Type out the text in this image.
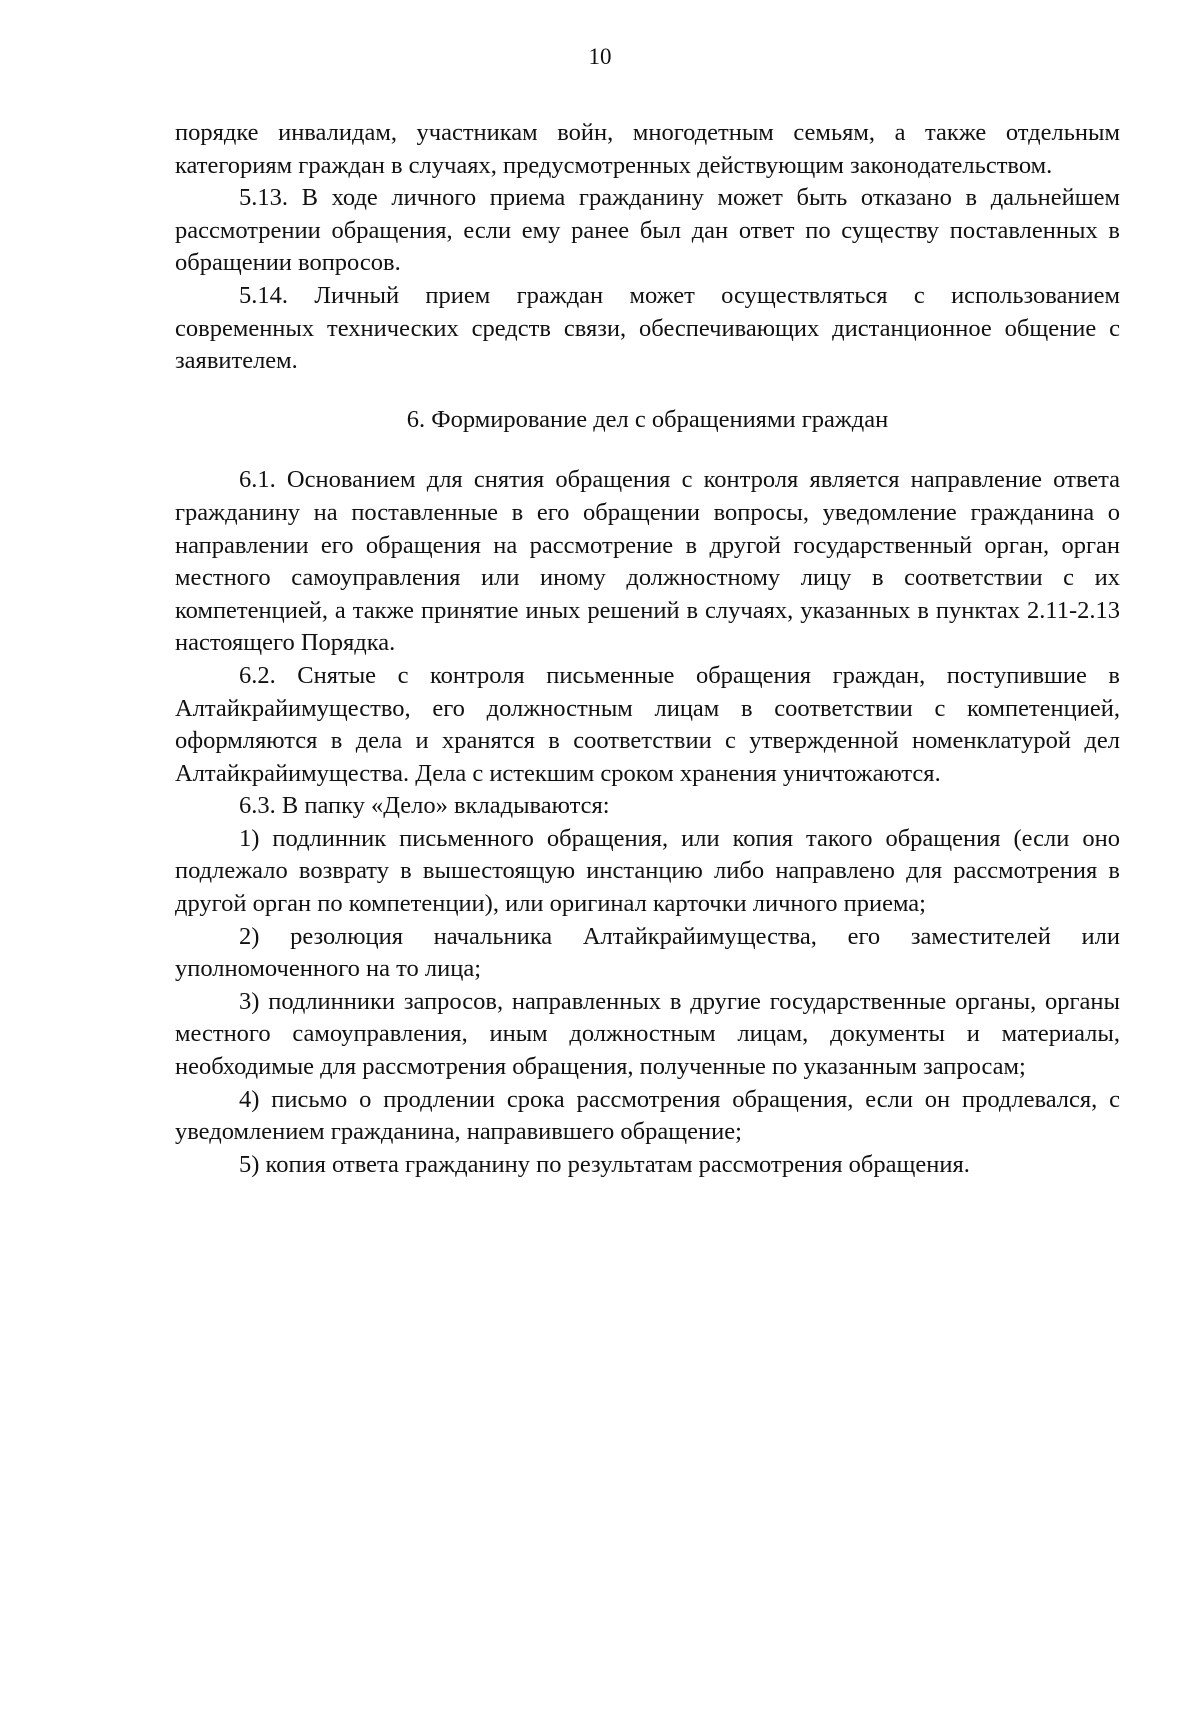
10

порядке инвалидам, участникам войн, многодетным семьям, а также отдельным категориям граждан в случаях, предусмотренных действующим законодательством.

5.13. В ходе личного приема гражданину может быть отказано в дальнейшем рассмотрении обращения, если ему ранее был дан ответ по существу поставленных в обращении вопросов.

5.14. Личный прием граждан может осуществляться с использованием современных технических средств связи, обеспечивающих дистанционное общение с заявителем.

6. Формирование дел с обращениями граждан

6.1. Основанием для снятия обращения с контроля является направление ответа гражданину на поставленные в его обращении вопросы, уведомление гражданина о направлении его обращения на рассмотрение в другой государственный орган, орган местного самоуправления или иному должностному лицу в соответствии с их компетенцией, а также принятие иных решений в случаях, указанных в пунктах 2.11-2.13 настоящего Порядка.

6.2. Снятые с контроля письменные обращения граждан, поступившие в Алтайкрайимущество, его должностным лицам в соответствии с компетенцией, оформляются в дела и хранятся в соответствии с утвержденной номенклатурой дел Алтайкрайимущества. Дела с истекшим сроком хранения уничтожаются.

6.3. В папку «Дело» вкладываются:

1) подлинник письменного обращения, или копия такого обращения (если оно подлежало возврату в вышестоящую инстанцию либо направлено для рассмотрения в другой орган по компетенции), или оригинал карточки личного приема;

2) резолюция начальника Алтайкрайимущества, его заместителей или уполномоченного на то лица;

3) подлинники запросов, направленных в другие государственные органы, органы местного самоуправления, иным должностным лицам, документы и материалы, необходимые для рассмотрения обращения, полученные по указанным запросам;

4) письмо о продлении срока рассмотрения обращения, если он продлевался, с уведомлением гражданина, направившего обращение;

5) копия ответа гражданину по результатам рассмотрения обращения.
